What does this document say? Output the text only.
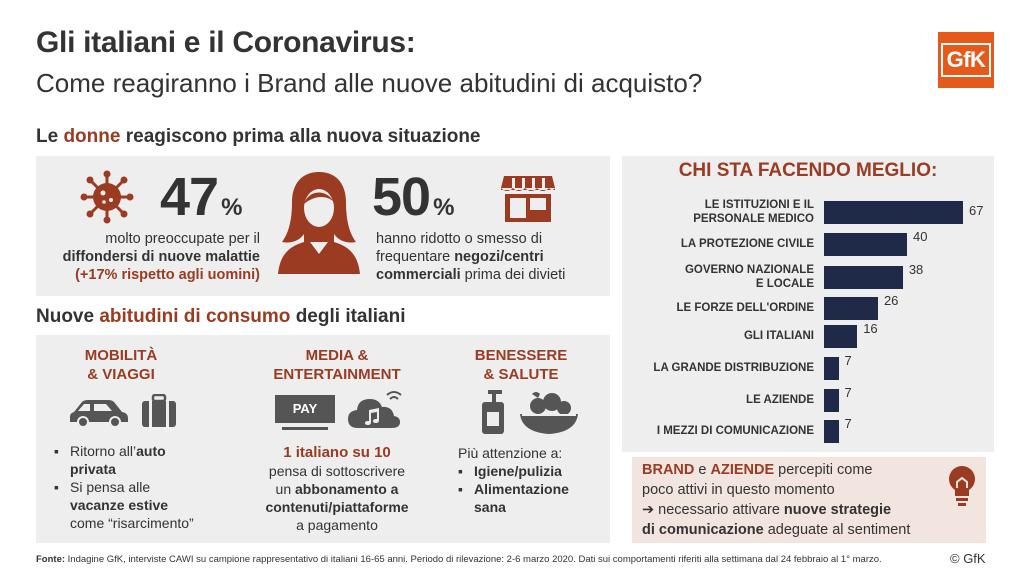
Gli italiani e il Coronavirus:
Come reagiranno i Brand alle nuove abitudini di acquisto?
GfK
Le donne reagiscono prima alla nuova situazione
47 %
molto preoccupate per il
diffondersi di nuove malattie
(+17% rispetto agli uomini)
50 %
hanno ridotto o smesso di
frequentare negozi/centri
commerciali prima dei divieti
Nuove abitudini di consumo degli italiani
MOBILITÀ
& VIAGGI
▪ Ritorno all’auto
privata
▪ Si pensa alle
vacanze estive
come “risarcimento”
MEDIA &
ENTERTAINMENT
PAY
1 italiano su 10
pensa di sottoscrivere
un abbonamento a
contenuti/piattaforme
a pagamento
BENESSERE
& SALUTE
Più attenzione a:
▪ Igiene/pulizia
▪ Alimentazione
sana
CHI STA FACENDO MEGLIO:
LE ISTITUZIONI E IL
PERSONALE MEDICO
67
LA PROTEZIONE CIVILE	40
GOVERNO NAZIONALE
E LOCALE
38
LE FORZE DELL'ORDINE	26
GLI ITALIANI	16
LA GRANDE DISTRIBUZIONE 7
LE AZIENDE 7
I MEZZI DI COMUNICAZIONE 7
BRAND e AZIENDE percepiti come
poco attivi in questo momento
➔ necessario attivare nuove strategie
di comunicazione adeguate al sentiment
Fonte: Indagine GfK, interviste CAWI su campione rappresentativo di italiani 16-65 anni. Periodo di rilevazione: 2-6 marzo 2020. Dati sui comportamenti riferiti alla settimana dal 24 febbraio al 1° marzo.	© GfK
